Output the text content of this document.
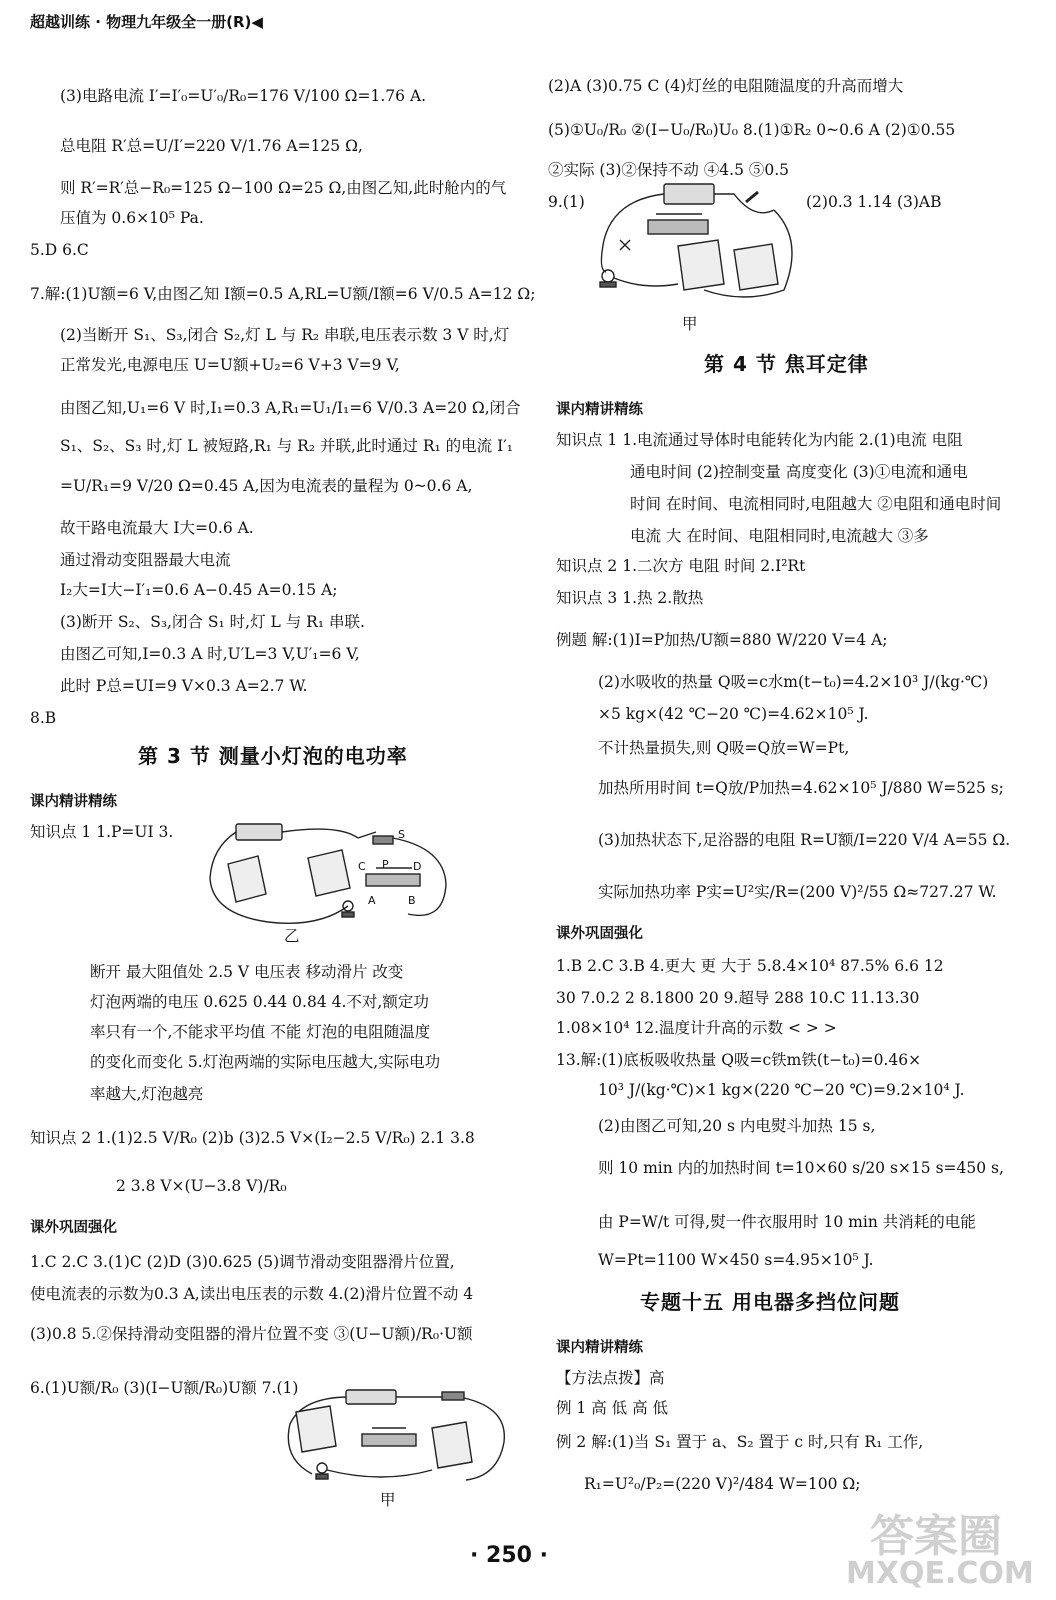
超越训练 · 物理九年级全一册(R)◀
(3)电路电流 I′=I′₀=U′₀/R₀=176 V/100 Ω=1.76 A.
总电阻 R′总=U/I′=220 V/1.76 A=125 Ω,
则 R′=R′总−R₀=125 Ω−100 Ω=25 Ω,由图乙知,此时舱内的气
压值为 0.6×10⁵ Pa.
5.D 6.C
7.解:(1)U额=6 V,由图乙知 I额=0.5 A,RL=U额/I额=6 V/0.5 A=12 Ω;
(2)当断开 S₁、S₃,闭合 S₂,灯 L 与 R₂ 串联,电压表示数 3 V 时,灯
正常发光,电源电压 U=U额+U₂=6 V+3 V=9 V,
由图乙知,U₁=6 V 时,I₁=0.3 A,R₁=U₁/I₁=6 V/0.3 A=20 Ω,闭合
S₁、S₂、S₃ 时,灯 L 被短路,R₁ 与 R₂ 并联,此时通过 R₁ 的电流 I′₁
=U/R₁=9 V/20 Ω=0.45 A,因为电流表的量程为 0~0.6 A,
故干路电流最大 I大=0.6 A.
通过滑动变阻器最大电流
I₂大=I大−I′₁=0.6 A−0.45 A=0.15 A;
(3)断开 S₂、S₃,闭合 S₁ 时,灯 L 与 R₁ 串联.
由图乙可知,I=0.3 A 时,U′L=3 V,U′₁=6 V,
此时 P总=UI=9 V×0.3 A=2.7 W.
8.B
第 3 节 测量小灯泡的电功率
课内精讲精练
知识点 1 1.P=UI 3.	S
C P D
A	B
乙
断开 最大阻值处 2.5 V 电压表 移动滑片 改变
灯泡两端的电压 0.625 0.44 0.84 4.不对,额定功
率只有一个,不能求平均值 不能 灯泡的电阻随温度
的变化而变化 5.灯泡两端的实际电压越大,实际电功
率越大,灯泡越亮
知识点 2 1.(1)2.5 V/R₀ (2)b (3)2.5 V×(I₂−2.5 V/R₀) 2.1 3.8
2 3.8 V×(U−3.8 V)/R₀
课外巩固强化
1.C 2.C 3.(1)C (2)D (3)0.625 (5)调节滑动变阻器滑片位置,
使电流表的示数为0.3 A,读出电压表的示数 4.(2)滑片位置不动 4
(3)0.8 5.②保持滑动变阻器的滑片位置不变 ③(U−U额)/R₀·U额
6.(1)U额/R₀ (3)(I−U额/R₀)U额 7.(1)
甲
(2)A (3)0.75 C (4)灯丝的电阻随温度的升高而增大
(5)①U₀/R₀ ②(I−U₀/R₀)U₀ 8.(1)①R₂ 0~0.6 A (2)①0.55
②实际 (3)②保持不动 ④4.5 ⑤0.5
9.(1)	(2)0.3 1.14 (3)AB
甲
第 4 节 焦耳定律
课内精讲精练
知识点 1 1.电流通过导体时电能转化为内能 2.(1)电流 电阻
通电时间 (2)控制变量 高度变化 (3)①电流和通电
时间 在时间、电流相同时,电阻越大 ②电阻和通电时间
电流 大 在时间、电阻相同时,电流越大 ③多
知识点 2 1.二次方 电阻 时间 2.I²Rt
知识点 3 1.热 2.散热
例题 解:(1)I=P加热/U额=880 W/220 V=4 A;
(2)水吸收的热量 Q吸=c水m(t−t₀)=4.2×10³ J/(kg·℃)
×5 kg×(42 ℃−20 ℃)=4.62×10⁵ J.
不计热量损失,则 Q吸=Q放=W=Pt,
加热所用时间 t=Q放/P加热=4.62×10⁵ J/880 W=525 s;
(3)加热状态下,足浴器的电阻 R=U额/I=220 V/4 A=55 Ω.
实际加热功率 P实=U²实/R=(200 V)²/55 Ω≈727.27 W.
课外巩固强化
1.B 2.C 3.B 4.更大 更 大于 5.8.4×10⁴ 87.5% 6.6 12
30 7.0.2 2 8.1800 20 9.超导 288 10.C 11.13.30
1.08×10⁴ 12.温度计升高的示数 < > >
13.解:(1)底板吸收热量 Q吸=c铁m铁(t−t₀)=0.46×
10³ J/(kg·℃)×1 kg×(220 ℃−20 ℃)=9.2×10⁴ J.
(2)由图乙可知,20 s 内电熨斗加热 15 s,
则 10 min 内的加热时间 t=10×60 s/20 s×15 s=450 s,
由 P=W/t 可得,熨一件衣服用时 10 min 共消耗的电能
W=Pt=1100 W×450 s=4.95×10⁵ J.
专题十五 用电器多挡位问题
课内精讲精练
【方法点拨】高
例 1 高 低 高 低
例 2 解:(1)当 S₁ 置于 a、S₂ 置于 c 时,只有 R₁ 工作,
R₁=U²₀/P₂=(220 V)²/484 W=100 Ω;
· 250 ·	答案圈
MXQE.COM
